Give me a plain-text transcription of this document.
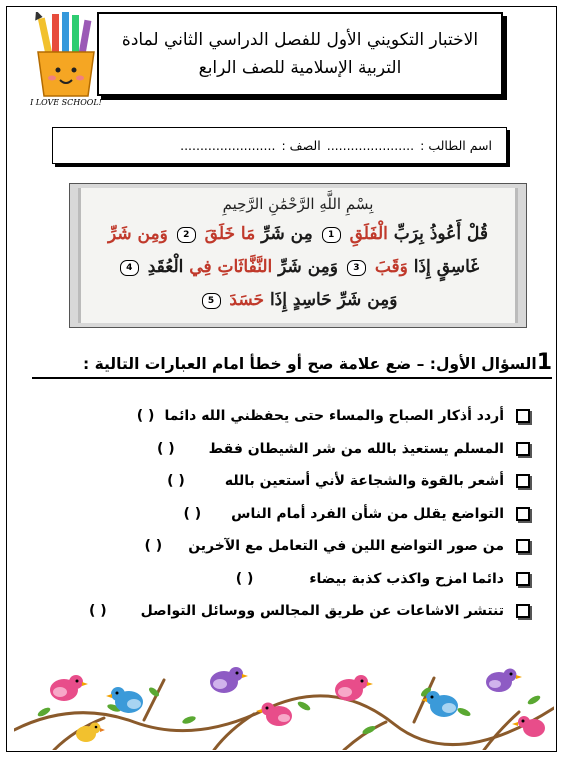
I LOVE SCHOOL!
الاختبار التكويني الأول للفصل الدراسي الثاني لمادة
التربية الإسلامية للصف الرابع
اسم الطالب :
......................
الصف :
........................
بِسْمِ اللَّهِ الرَّحْمَٰنِ الرَّحِيمِ
قُلْ أَعُوذُ بِرَبِّ الْفَلَقِ 1 مِن شَرِّ مَا خَلَقَ 2 وَمِن شَرِّ
غَاسِقٍ إِذَا وَقَبَ 3 وَمِن شَرِّ النَّفَّاثَاتِ فِي الْعُقَدِ 4
وَمِن شَرِّ حَاسِدٍ إِذَا حَسَدَ 5
1السؤال الأول: – ضع علامة صح أو خطأ امام العبارات التالية :
أردد أذكار الصباح والمساء حتى يحفظني الله دائما
( )
المسلم يستعيذ بالله من شر الشيطان فقط
( )
أشعر بالقوة والشجاعة لأني أستعين بالله
( )
التواضع يقلل من شأن الفرد أمام الناس
( )
من صور التواضع اللين في التعامل مع الآخرين
( )
دائما امزح واكذب كذبة بيضاء
( )
تنتشر الاشاعات عن طريق المجالس ووسائل التواصل
( )
